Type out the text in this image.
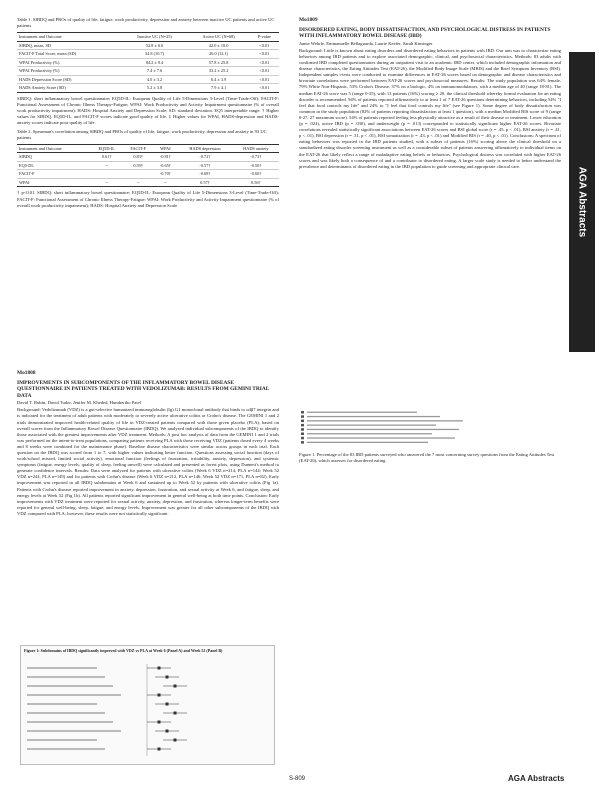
AGA Abstracts
Table 1. SIBDQ and PROs of quality of life, fatigue, work productivity, depression and anxiety between inactive UC patients and active UC patients
Instrument and Outcome	Inactive UC (N=25)	Active UC (N=68)	P-value
SIBDQ, mean, SD	52.8 ± 6.0	42.0 ± 10.0	<0.01
FACIT-F Total Score, mean (SD)	34.8 (10.7)	26.0 (12.1)	<0.01
WPAI Productivity (%)	84.2 ± 9.4	57.8 ± 25.8	<0.01
WPAI Productivity (%)	7.4 ± 7.6	33.2 ± 25.2	<0.01
HADS Depression Score (SD)	4.0 ± 3.2	6.4 ± 3.9	<0.01
HADS Anxiety Score (SD)	5.2 ± 3.8	7.9 ± 4.1	<0.01
SIBDQ: short inflammatory bowel questionnaire; EQ5D-IL: European Quality of Life 5-Dimensions 3-Level (Time-Trade-Off); FACIT-F: Functional Assessment of Chronic Illness Therapy-Fatigue; WPAI: Work Productivity and Activity Impairment questionnaire (% of overall work productivity impairment); HADS: Hospital Anxiety and Depression Scale; SD: standard deviation. EQ5 interpretable range: † Higher values for SIBDQ, EQ5D-IL, and FACIT-F scores indicate good quality of life. ‡ Higher values for WPAI, HADS-depression and HADS-anxiety scores indicate poor quality of life.
Table 2. Spearman's correlation among SIBDQ and PROs of quality of life, fatigue, work productivity, depression and anxiety in 93 UC patients
Instrument and Outcome	EQ5D-IL	FACIT-F	WPAI	HADS depression	HADS anxiety
SIBDQ	0.61†	0.83†	-0.81†	-0.72†	-0.73†
EQ5-DL	--	0.59†	-0.65†	-0.57†	-0.50†
FACIT-F			-0.70†	-0.68†	-0.60†
WPAI	--	--	--	0.57†	0.56†
† p<0.01. SIBDQ: short inflammatory bowel questionnaire; EQ5D-IL: European Quality of Life 5-Dimensions 3-Level (Time-Trade-Off); FACIT-F: Functional Assessment of Chronic Illness Therapy-Fatigue; WPAI: Work Productivity and Activity Impairment questionnaire (% of overall work productivity impairment); HADS: Hospital Anxiety and Depression Scale
Mo1808
IMPROVEMENTS IN SUBCOMPONENTS OF THE INFLAMMATORY BOWEL DISEASE QUESTIONNAIRE IN PATIENTS TREATED WITH VEDOLIZUMAB: RESULTS FROM GEMINI TRIAL DATA
David T. Rubin, David Tudor, Jenifer M. Kheded, Humbertho Patel
Background: Vedolizumab (VDZ) is a gut-selective humanized immunoglobulin (Ig) G1 monoclonal antibody that binds to α4β7 integrin and is indicated for the treatment of adult patients with moderately to severely active ulcerative colitis or Crohn's disease. The GEMINI 1 and 2 trials demonstrated improved health-related quality of life in VDZ-treated patients compared with those given placebo (PLA), based on overall scores from the Inflammatory Bowel Disease Questionnaire (IBDQ). We analyzed individual subcomponents of the IBDQ to identify those associated with the greatest improvements after VDZ treatment. Methods: A post hoc analysis of data from the GEMINI 1 and 2 trials was performed on the intent-to-treat populations, comparing patients receiving PLA with those receiving VDZ (patients dosed every 4 weeks and 8 weeks were combined for the maintenance phase). Baseline disease characteristics were similar across groups in each trial. Each question on the IBDQ was scored from 1 to 7, with higher values indicating better function. Questions assessing social function (days of work/school missed, limited social activity), emotional function (feelings of frustration, irritability, anxiety, depression), and systemic symptoms (fatigue, energy levels, quality of sleep, feeling unwell) were calculated and presented as forest plots, using Dunnett's method to generate confidence intervals. Results: Data were analyzed for patients with ulcerative colitis (Week 6 VDZ n=214, PLA n=144; Week 52 VDZ n=244, PLA n=149) and for patients with Crohn's disease (Week 6 VDZ n=212, PLA n=146; Week 52 VDZ n=171, PLA n=82). Early improvement was reported in all IBDQ subdomains at Week 6 and sustained up to Week 52 by patients with ulcerative colitis (Fig 1a). Patients with Crohn's disease reported improvement in anxiety, depression, frustration, and sexual activity at Week 6, and fatigue, sleep, and energy levels at Week 52 (Fig 1b). All patients reported significant improvement in general well-being at both time points. Conclusion: Early improvements with VDZ treatment were reported for sexual activity, anxiety, depression, and frustration, whereas longer-term benefits were reported for general well-being, sleep, fatigue, and energy levels. Improvement was greater for all other subcomponents of the IBDQ with VDZ compared with PLA; however, these results were not statistically significant.
Figure 1: Subdomains of IBDQ significantly improved with VDZ vs PLA at Week 6 (Panel A) and Week 52 (Panel B)
Mo1809
DISORDERED EATING, BODY DISSATISFACTION, AND PSYCHOLOGICAL DISTRESS IN PATIENTS WITH INFLAMMATORY BOWEL DISEASE (IBD)
Jamie Wehrle, Emmanuelle Bellaguarda, Laurie Keefer, Sarah Kinsinger
Background: Little is known about eating disorders and disordered eating behaviors in patients with IBD. Our aim was to characterize eating behaviors among IBD patients and to explore associated demographic, clinical, and psychosocial characteristics. Methods: 83 adults with confirmed IBD completed questionnaires during an outpatient visit to an academic IBD center, which included demographic information and disease characteristics, the Eating Attitudes Test (EAT-26), the Modified Body Image Scale (MBIS) and the Brief Symptom Inventory (BSI). Independent samples t-tests were conducted to examine differences in EAT-26 scores based on demographic and disease characteristics and bivariate correlations were performed between EAT-26 scores and psychosocial measures. Results: The study population was 64% female, 79% White Non-Hispanic, 53% Crohn's Disease, 37% on a biologic, 4% on immunomodulators, with a median age of 40 (range 18-81). The median EAT-26 score was 5 (range 0-35), with 13 patients (16%) scoring ≥ 20, the clinical threshold whereby formal evaluation for an eating disorder is recommended. 94% of patients reported affirmatively to at least 1 of 7 EAT-26 questions determining behaviors, including 54% "I feel that food controls my life" and 24% to "I feel that food controls my life" (see Figure 1). Some degree of body dissatisfaction was common in the study population (82% of patients reporting dissatisfaction at least 1 question), with a median Modified BIS score of 9 (range 0-27, 27 maximum score). 54% of patients reported feeling less physically attractive as a result of their disease or treatment. Lower education (p = .024), active IBD (p = .030), and underweight (p = .013) corresponded to statistically significant higher EAT-26 scores. Bivariate correlations revealed statistically significant associations between EAT-26 scores and BSI global score (r = .45, p < .01), BSI anxiety (r = .41, p < .01), BSI depression (r = .31, p < .01), BSI somatization (r = .43, p < .01) and Modified BIS (r = .40, p < .01). Conclusions: A spectrum of eating behaviors was reported in the IBD patients studied, with a subset of patients (16%) scoring above the clinical threshold on a standardized eating disorder screening instrument as well as a considerable subset of patients answering affirmatively to individual items on the EAT-26 that likely reflect a range of maladaptive eating beliefs or behaviors. Psychological distress was correlated with higher EAT-26 scores and was likely both a consequence of and a contributor to disordered eating. A larger scale study is needed to better understand the prevalence and determinants of disordered eating in the IBD population to guide screening and appropriate clinical care.
Figure 1. Percentage of the 83 IBD patients surveyed who answered the 7 most concerning survey questions from the Eating Attitudes Test (EAT-26), which assesses for disordered eating.
S-809	AGA Abstracts
